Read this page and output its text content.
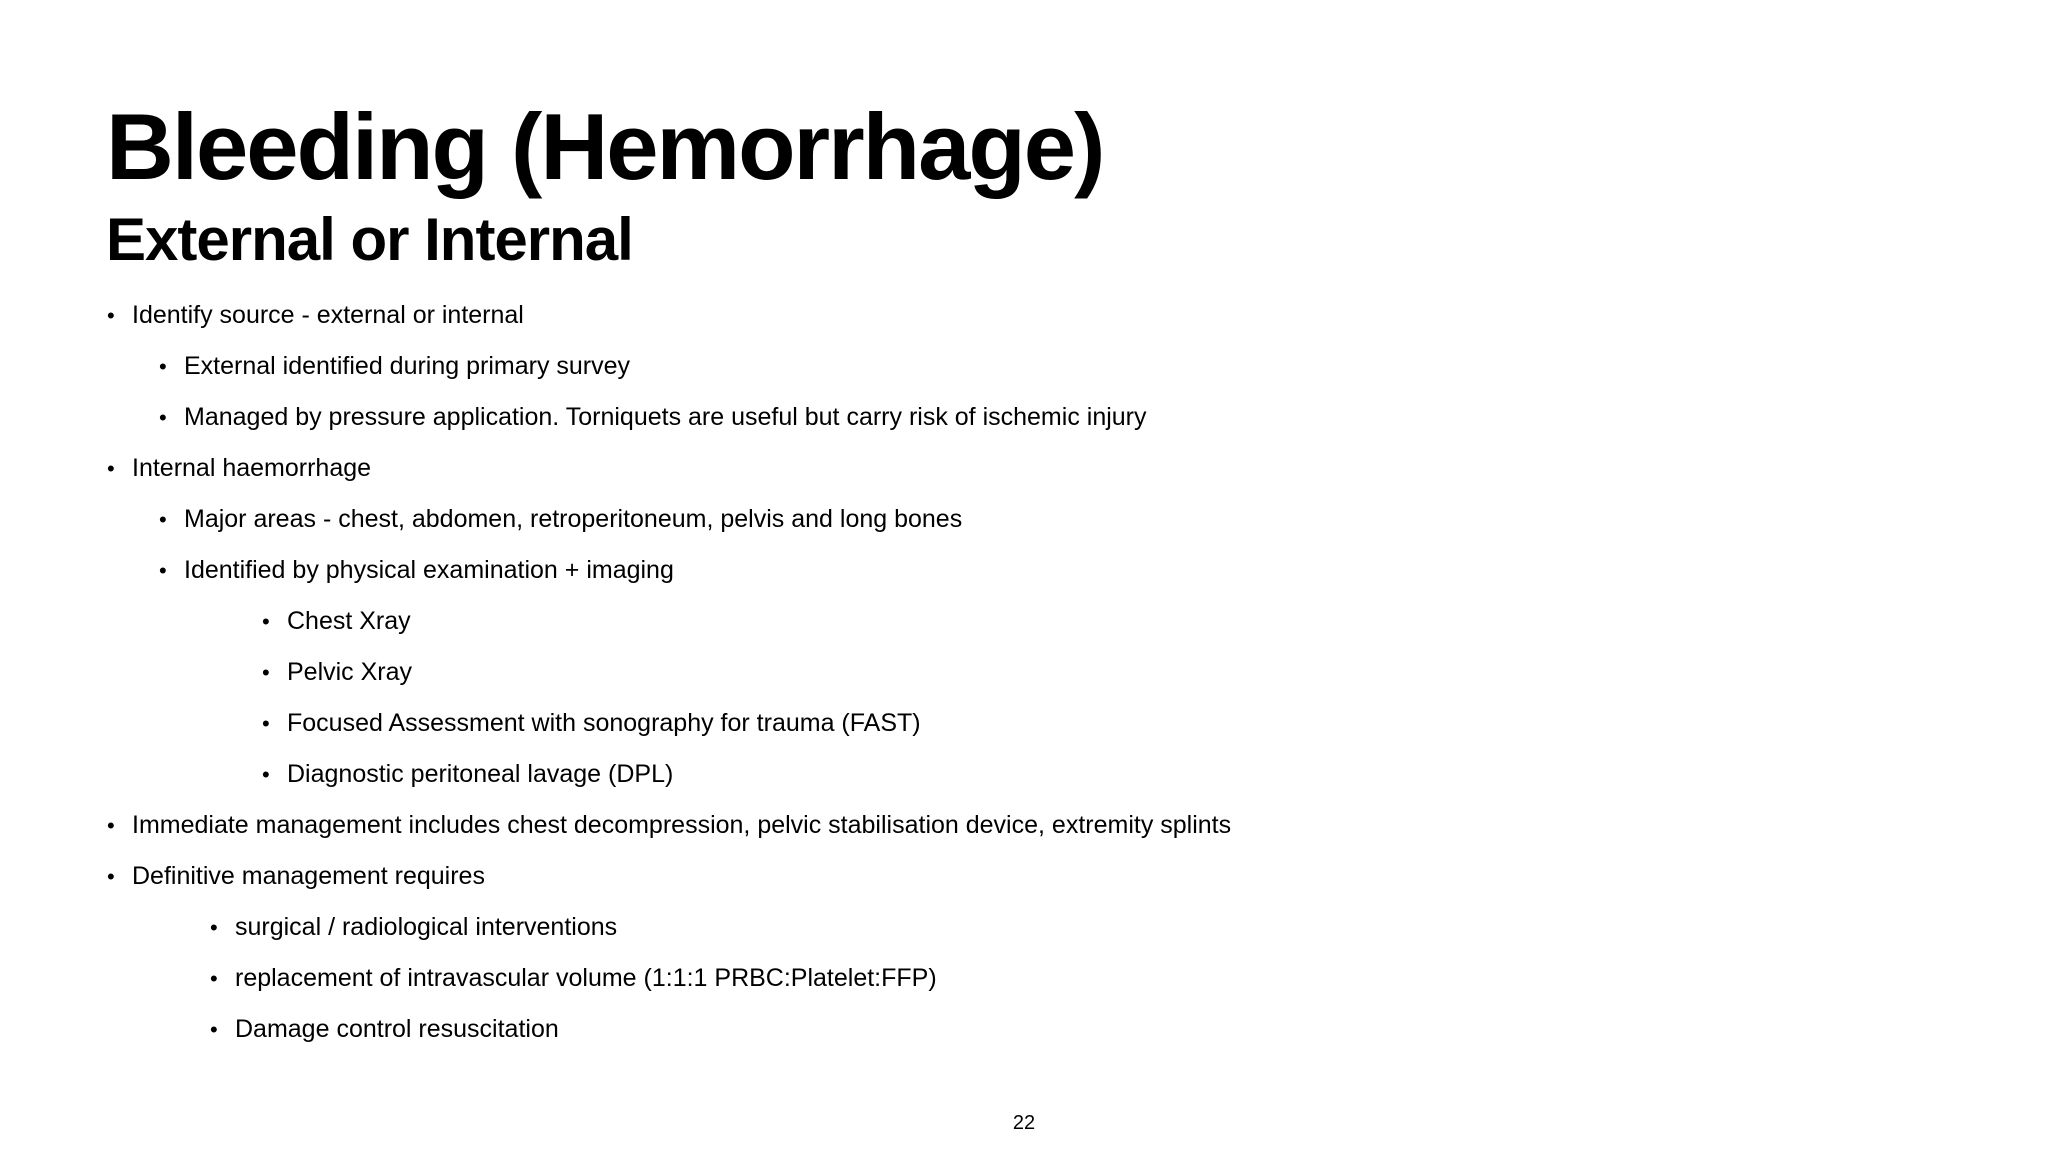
Bleeding (Hemorrhage)
External or Internal
• Identify source - external or internal
• External identified during primary survey
• Managed by pressure application. Torniquets are useful but carry risk of ischemic injury
• Internal haemorrhage
• Major areas - chest, abdomen, retroperitoneum, pelvis and long bones
• Identified by physical examination + imaging
• Chest Xray
• Pelvic Xray
• Focused Assessment with sonography for trauma (FAST)
• Diagnostic peritoneal lavage (DPL)
• Immediate management includes chest decompression, pelvic stabilisation device, extremity splints
• Definitive management requires
• surgical / radiological interventions
• replacement of intravascular volume (1:1:1 PRBC:Platelet:FFP)
• Damage control resuscitation
22
